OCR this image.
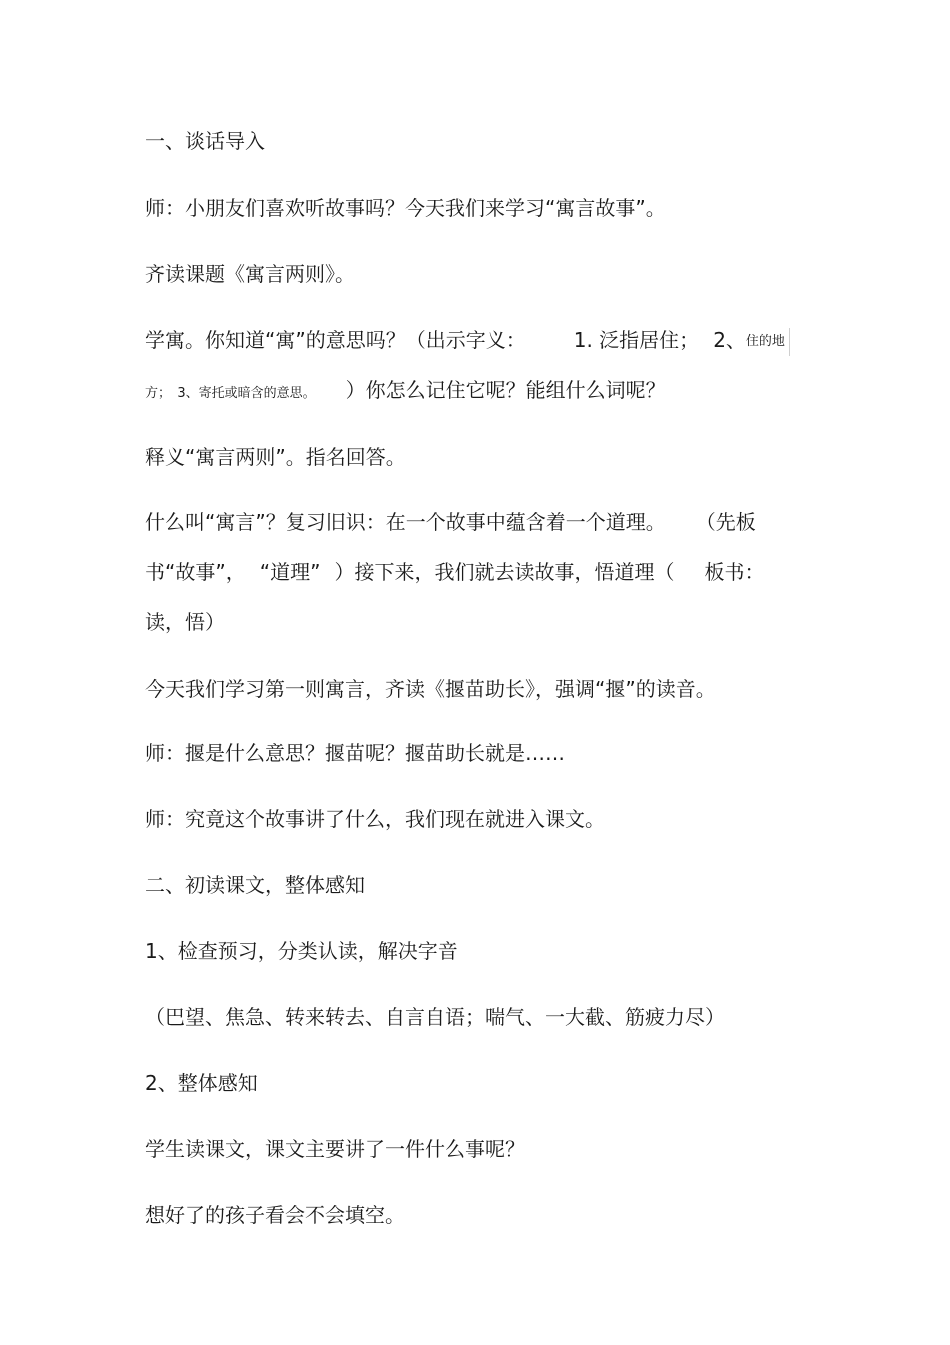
一、谈话导入
师：小朋友们喜欢听故事吗？今天我们来学习“寓言故事”。
齐读课题《寓言两则》。
学寓。你知道“寓”的意思吗？（出示字义： 1. 泛指居住； 2、住的地
方； 3、寄托或暗含的意思。 ）你怎么记住它呢？能组什么词呢？
释义“寓言两则”。指名回答。
什么叫“寓言”？复习旧识：在一个故事中蕴含着一个道理。 （先板
书“故事”， “道理” ）接下来，我们就去读故事，悟道理（ 板书：
读，悟）
今天我们学习第一则寓言，齐读《揠苗助长》，强调“揠”的读音。
师：揠是什么意思？揠苗呢？揠苗助长就是……
师：究竟这个故事讲了什么，我们现在就进入课文。
二、初读课文，整体感知
1、检查预习，分类认读，解决字音
（巴望、焦急、转来转去、自言自语；喘气、一大截、筋疲力尽）
2、整体感知
学生读课文，课文主要讲了一件什么事呢？
想好了的孩子看会不会填空。
